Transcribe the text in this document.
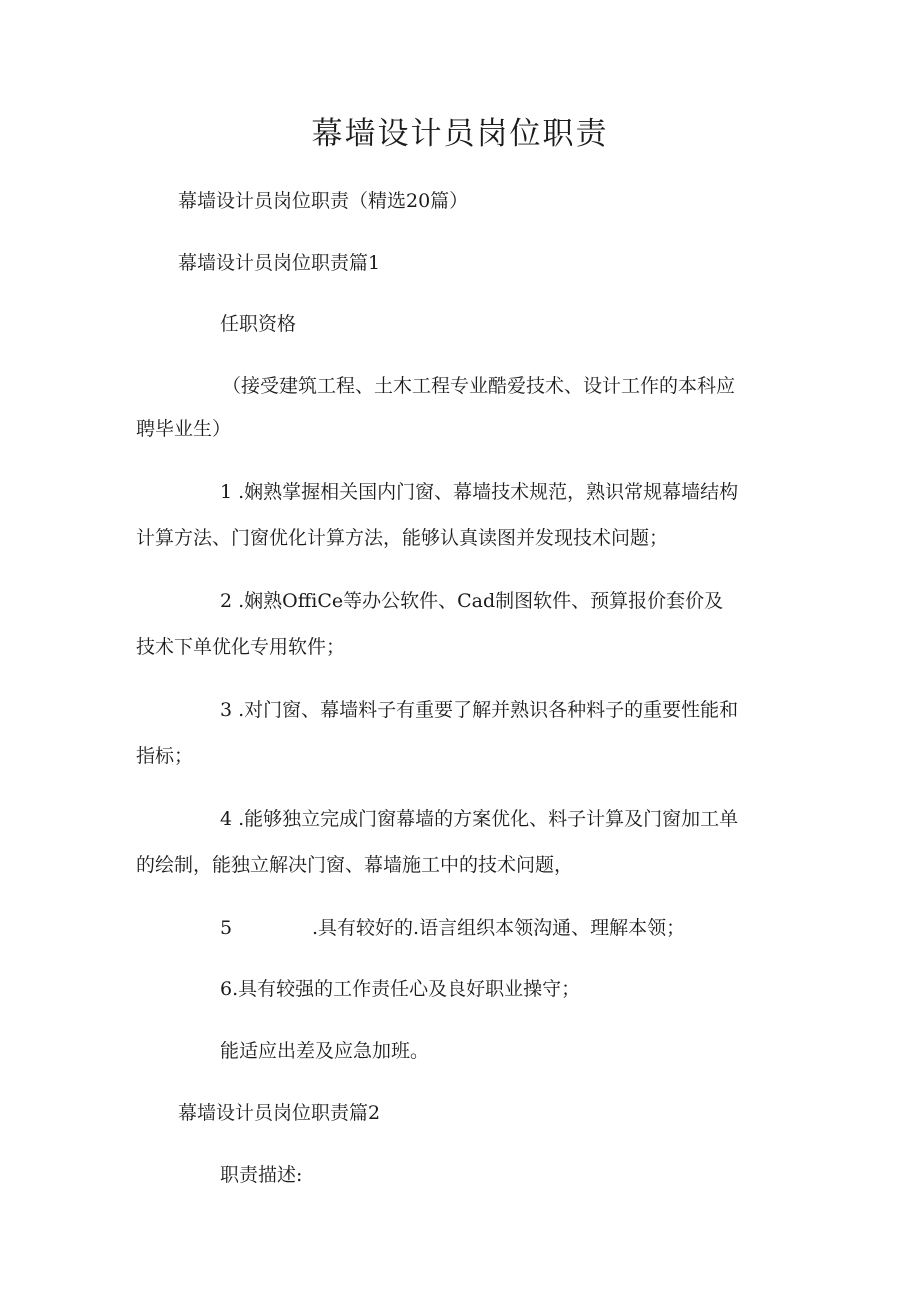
幕墙设计员岗位职责
幕墙设计员岗位职责（精选20篇）
幕墙设计员岗位职责篇1
任职资格
（接受建筑工程、土木工程专业酷爱技术、设计工作的本科应
聘毕业生）
1 .娴熟掌握相关国内门窗、幕墙技术规范，熟识常规幕墙结构
计算方法、门窗优化计算方法，能够认真读图并发现技术问题；
2 .娴熟OffiCe等办公软件、Cad制图软件、预算报价套价及
技术下单优化专用软件；
3 .对门窗、幕墙料子有重要了解并熟识各种料子的重要性能和
指标；
4 .能够独立完成门窗幕墙的方案优化、料子计算及门窗加工单
的绘制，能独立解决门窗、幕墙施工中的技术问题，
5	.具有较好的.语言组织本领沟通、理解本领；
6.具有较强的工作责任心及良好职业操守；
能适应出差及应急加班。
幕墙设计员岗位职责篇2
职责描述:
